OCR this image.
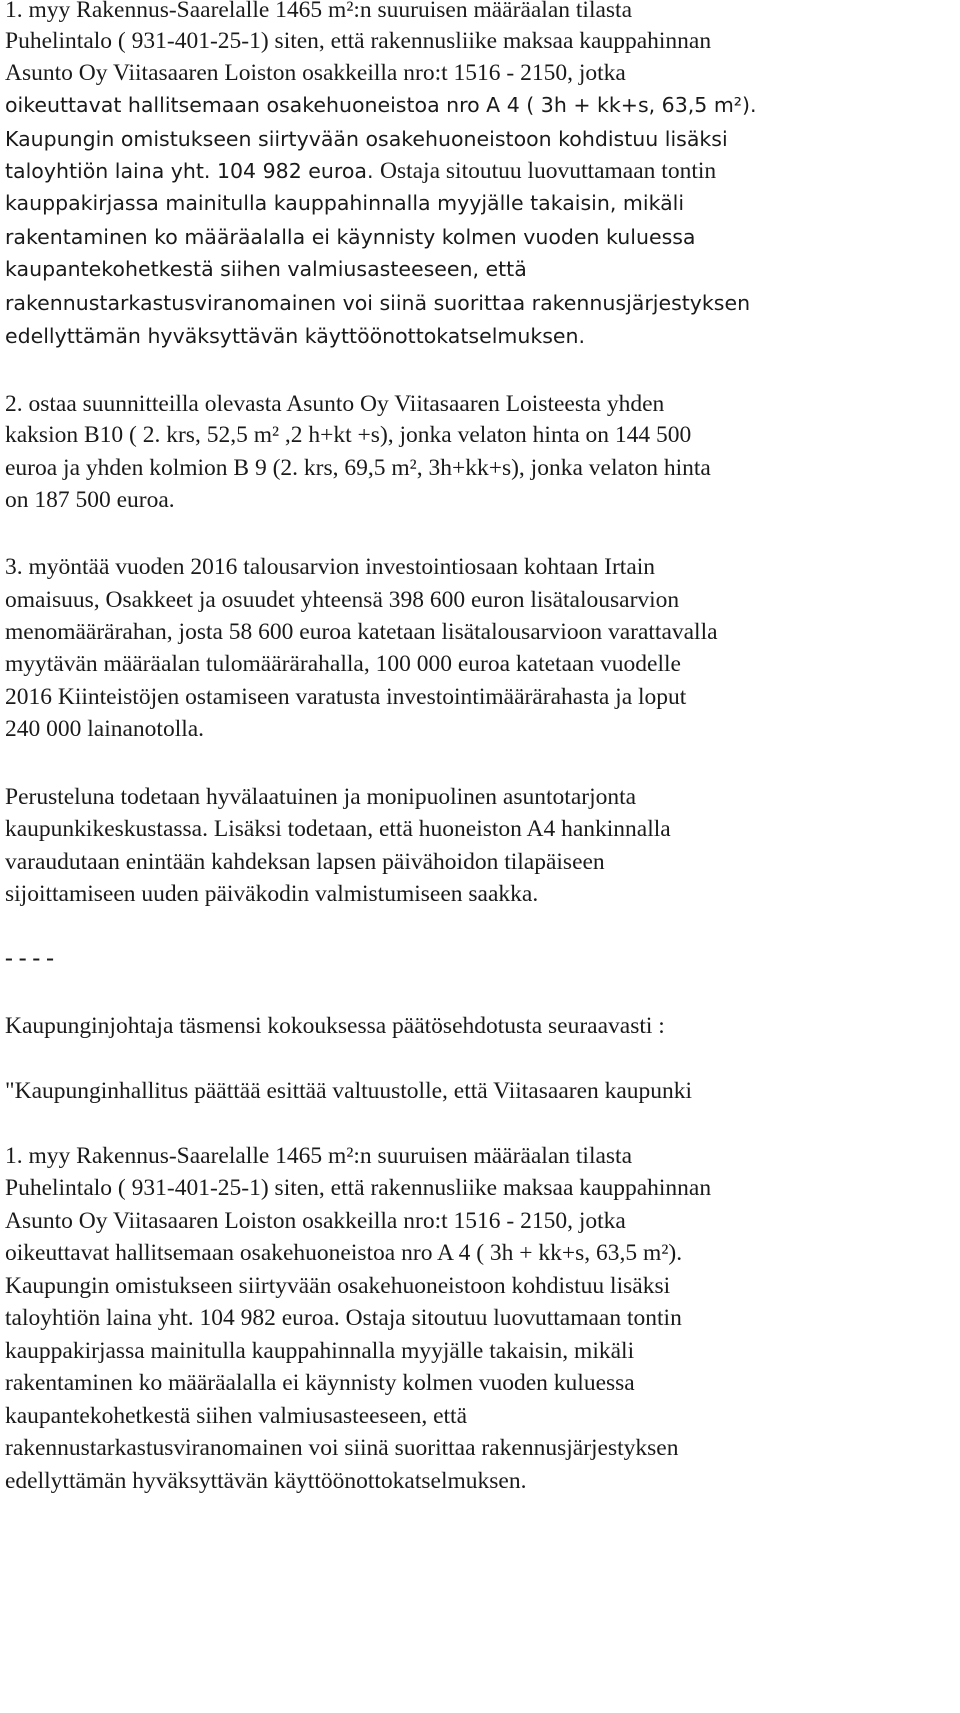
1. myy Rakennus-Saarelalle 1465 m²:n suuruisen määräalan tilasta
Puhelintalo ( 931-401-25-1) siten, että rakennusliike maksaa kauppahinnan
Asunto Oy Viitasaaren Loiston osakkeilla nro:t 1516 - 2150, jotka
oikeuttavat hallitsemaan osakehuoneistoa nro A 4 ( 3h + kk+s, 63,5 m²).
Kaupungin omistukseen siirtyvään osakehuoneistoon kohdistuu lisäksi
taloyhtiön laina yht. 104 982 euroa. Ostaja sitoutuu luovuttamaan tontin
kauppakirjassa mainitulla kauppahinnalla myyjälle takaisin, mikäli
rakentaminen ko määräalalla ei käynnisty kolmen vuoden kuluessa
kaupantekohetkestä siihen valmiusasteeseen, että
rakennustarkastusviranomainen voi siinä suorittaa rakennusjärjestyksen
edellyttämän hyväksyttävän käyttöönottokatselmuksen.
2. ostaa suunnitteilla olevasta Asunto Oy Viitasaaren Loisteesta yhden
kaksion B10 ( 2. krs, 52,5 m² ,2 h+kt +s), jonka velaton hinta on 144 500
euroa ja yhden kolmion B 9 (2. krs, 69,5 m², 3h+kk+s), jonka velaton hinta
on 187 500 euroa.
3. myöntää vuoden 2016 talousarvion investointiosaan kohtaan Irtain
omaisuus, Osakkeet ja osuudet yhteensä 398 600 euron lisätalousarvion
menomäärärahan, josta 58 600 euroa katetaan lisätalousarvioon varattavalla
myytävän määräalan tulomäärärahalla, 100 000 euroa katetaan vuodelle
2016 Kiinteistöjen ostamiseen varatusta investointimäärärahasta ja loput
240 000 lainanotolla.
Perusteluna todetaan hyvälaatuinen ja monipuolinen asuntotarjonta
kaupunkikeskustassa. Lisäksi todetaan, että huoneiston A4 hankinnalla
varaudutaan enintään kahdeksan lapsen päivähoidon tilapäiseen
sijoittamiseen uuden päiväkodin valmistumiseen saakka.
- - - -
Kaupunginjohtaja täsmensi kokouksessa päätösehdotusta seuraavasti :
"Kaupunginhallitus päättää esittää valtuustolle, että Viitasaaren kaupunki
1. myy Rakennus-Saarelalle 1465 m²:n suuruisen määräalan tilasta
Puhelintalo ( 931-401-25-1) siten, että rakennusliike maksaa kauppahinnan
Asunto Oy Viitasaaren Loiston osakkeilla nro:t 1516 - 2150, jotka
oikeuttavat hallitsemaan osakehuoneistoa nro A 4 ( 3h + kk+s, 63,5 m²).
Kaupungin omistukseen siirtyvään osakehuoneistoon kohdistuu lisäksi
taloyhtiön laina yht. 104 982 euroa. Ostaja sitoutuu luovuttamaan tontin
kauppakirjassa mainitulla kauppahinnalla myyjälle takaisin, mikäli
rakentaminen ko määräalalla ei käynnisty kolmen vuoden kuluessa
kaupantekohetkestä siihen valmiusasteeseen, että
rakennustarkastusviranomainen voi siinä suorittaa rakennusjärjestyksen
edellyttämän hyväksyttävän käyttöönottokatselmuksen.
